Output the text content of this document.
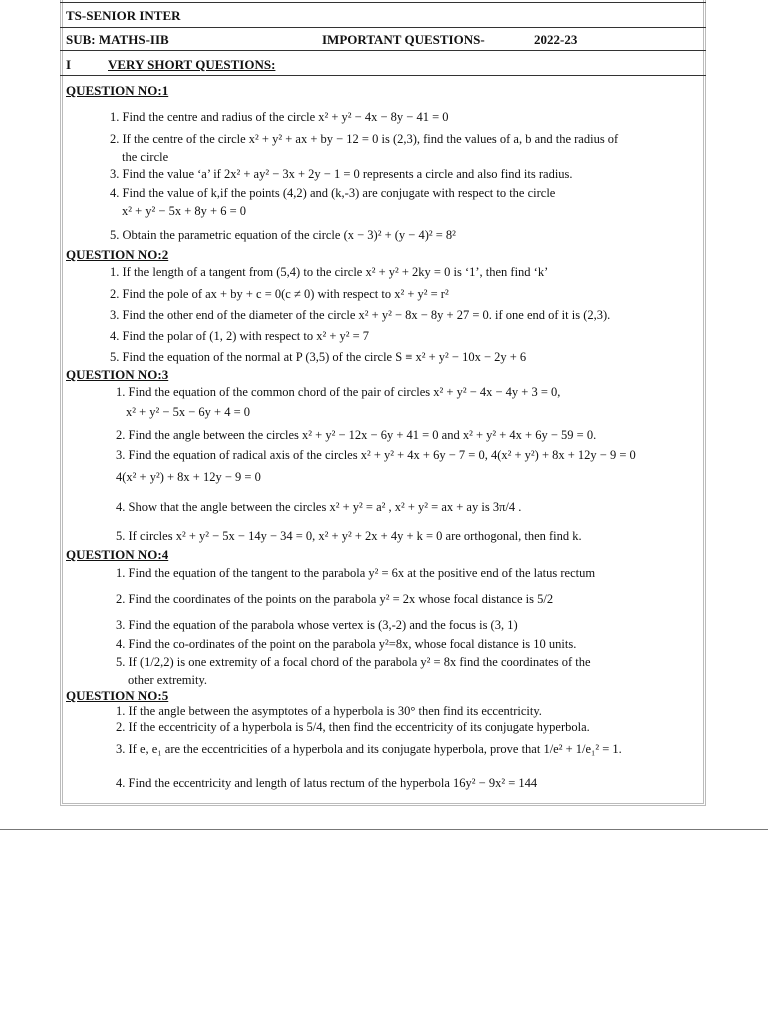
TS-SENIOR INTER
SUB: MATHS-IIB	IMPORTANT QUESTIONS-	2022-23
I	VERY SHORT QUESTIONS:
QUESTION NO:1
1. Find the centre and radius of the circle x² + y² − 4x − 8y − 41 = 0
2. If the centre of the circle x² + y² + ax + by − 12 = 0 is (2,3), find the values of a, b and the radius of
the circle
3. Find the value ‘a’ if 2x² + ay² − 3x + 2y − 1 = 0 represents a circle and also find its radius.
4. Find the value of k,if the points (4,2) and (k,-3) are conjugate with respect to the circle
x² + y² − 5x + 8y + 6 = 0
5. Obtain the parametric equation of the circle (x − 3)² + (y − 4)² = 8²
QUESTION NO:2
1. If the length of a tangent from (5,4) to the circle x² + y² + 2ky = 0 is ‘1’, then find ‘k’
2. Find the pole of ax + by + c = 0(c ≠ 0) with respect to x² + y² = r²
3. Find the other end of the diameter of the circle x² + y² − 8x − 8y + 27 = 0. if one end of it is (2,3).
4. Find the polar of (1, 2) with respect to x² + y² = 7
5. Find the equation of the normal at P (3,5) of the circle S ≡ x² + y² − 10x − 2y + 6
QUESTION NO:3
1. Find the equation of the common chord of the pair of circles x² + y² − 4x − 4y + 3 = 0,
x² + y² − 5x − 6y + 4 = 0
2. Find the angle between the circles x² + y² − 12x − 6y + 41 = 0 and x² + y² + 4x + 6y − 59 = 0.
3. Find the equation of radical axis of the circles x² + y² + 4x + 6y − 7 = 0, 4(x² + y²) + 8x + 12y − 9 = 0
4(x² + y²) + 8x + 12y − 9 = 0
4. Show that the angle between the circles x² + y² = a² , x² + y² = ax + ay is 3π/4 .
5. If circles x² + y² − 5x − 14y − 34 = 0, x² + y² + 2x + 4y + k = 0 are orthogonal, then find k.
QUESTION NO:4
1. Find the equation of the tangent to the parabola y² = 6x at the positive end of the latus rectum
2. Find the coordinates of the points on the parabola y² = 2x whose focal distance is 5/2
3. Find the equation of the parabola whose vertex is (3,-2) and the focus is (3, 1)
4. Find the co-ordinates of the point on the parabola y²=8x, whose focal distance is 10 units.
5. If (1/2,2) is one extremity of a focal chord of the parabola y² = 8x find the coordinates of the
other extremity.
QUESTION NO:5
1. If the angle between the asymptotes of a hyperbola is 30° then find its eccentricity.
2. If the eccentricity of a hyperbola is 5/4, then find the eccentricity of its conjugate hyperbola.
3. If e, e₁ are the eccentricities of a hyperbola and its conjugate hyperbola, prove that 1/e² + 1/e₁² = 1.
4. Find the eccentricity and length of latus rectum of the hyperbola 16y² − 9x² = 144
